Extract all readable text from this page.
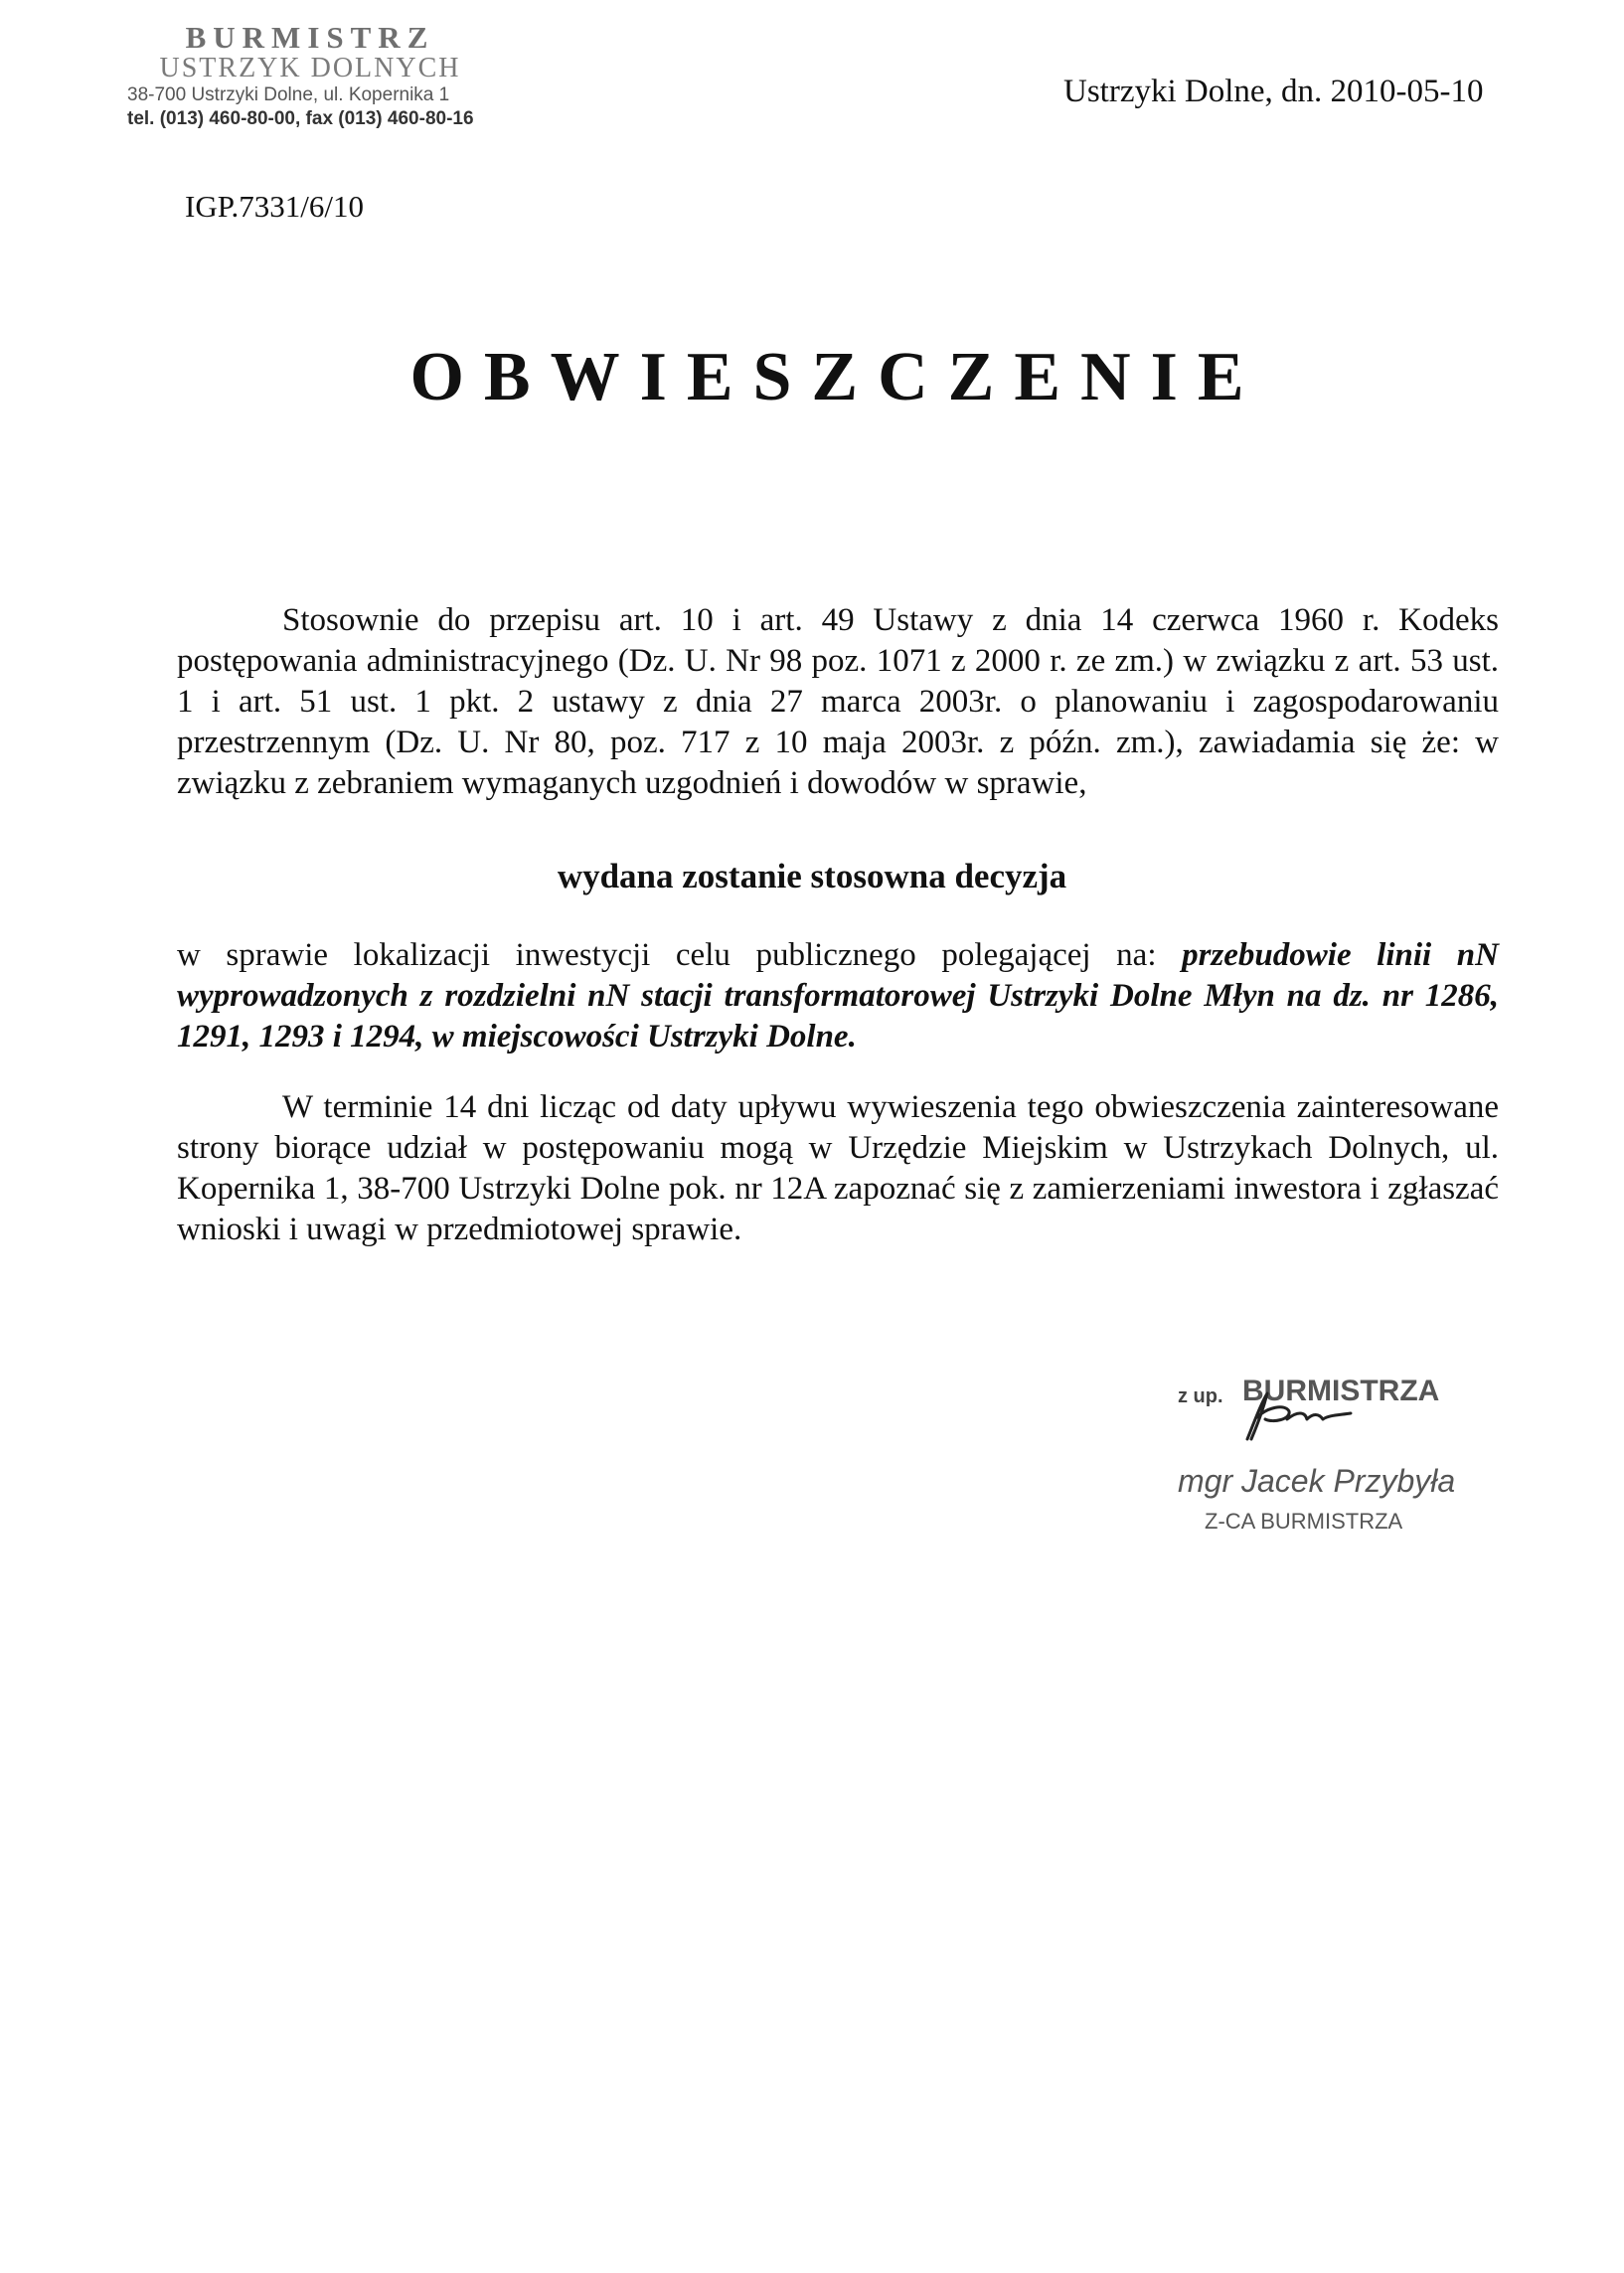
BURMISTRZ
USTRZYK DOLNYCH
38-700 Ustrzyki Dolne, ul. Kopernika 1
tel. (013) 460-80-00, fax (013) 460-80-16
Ustrzyki Dolne, dn. 2010-05-10
IGP.7331/6/10
OBWIESZCZENIE
Stosownie do przepisu art. 10 i art. 49 Ustawy z dnia 14 czerwca 1960 r. Kodeks postępowania administracyjnego (Dz. U. Nr 98 poz. 1071 z 2000 r. ze zm.) w związku z art. 53 ust. 1 i art. 51 ust. 1 pkt. 2 ustawy z dnia 27 marca 2003r. o planowaniu i zagospodarowaniu przestrzennym (Dz. U. Nr 80, poz. 717 z 10 maja 2003r. z późn. zm.), zawiadamia się że: w związku z zebraniem wymaganych uzgodnień i dowodów w sprawie,
wydana zostanie stosowna decyzja
w sprawie lokalizacji inwestycji celu publicznego polegającej na: przebudowie linii nN wyprowadzonych z rozdzielni nN stacji transformatorowej Ustrzyki Dolne Młyn na dz. nr 1286, 1291, 1293 i 1294, w miejscowości Ustrzyki Dolne.
W terminie 14 dni licząc od daty upływu wywieszenia tego obwieszczenia zainteresowane strony biorące udział w postępowaniu mogą w Urzędzie Miejskim w Ustrzykach Dolnych, ul. Kopernika 1, 38-700 Ustrzyki Dolne pok. nr 12A zapoznać się z zamierzeniami inwestora i zgłaszać wnioski i uwagi w przedmiotowej sprawie.
z up. BURMISTRZA
mgr Jacek Przybyła
Z-CA BURMISTRZA
